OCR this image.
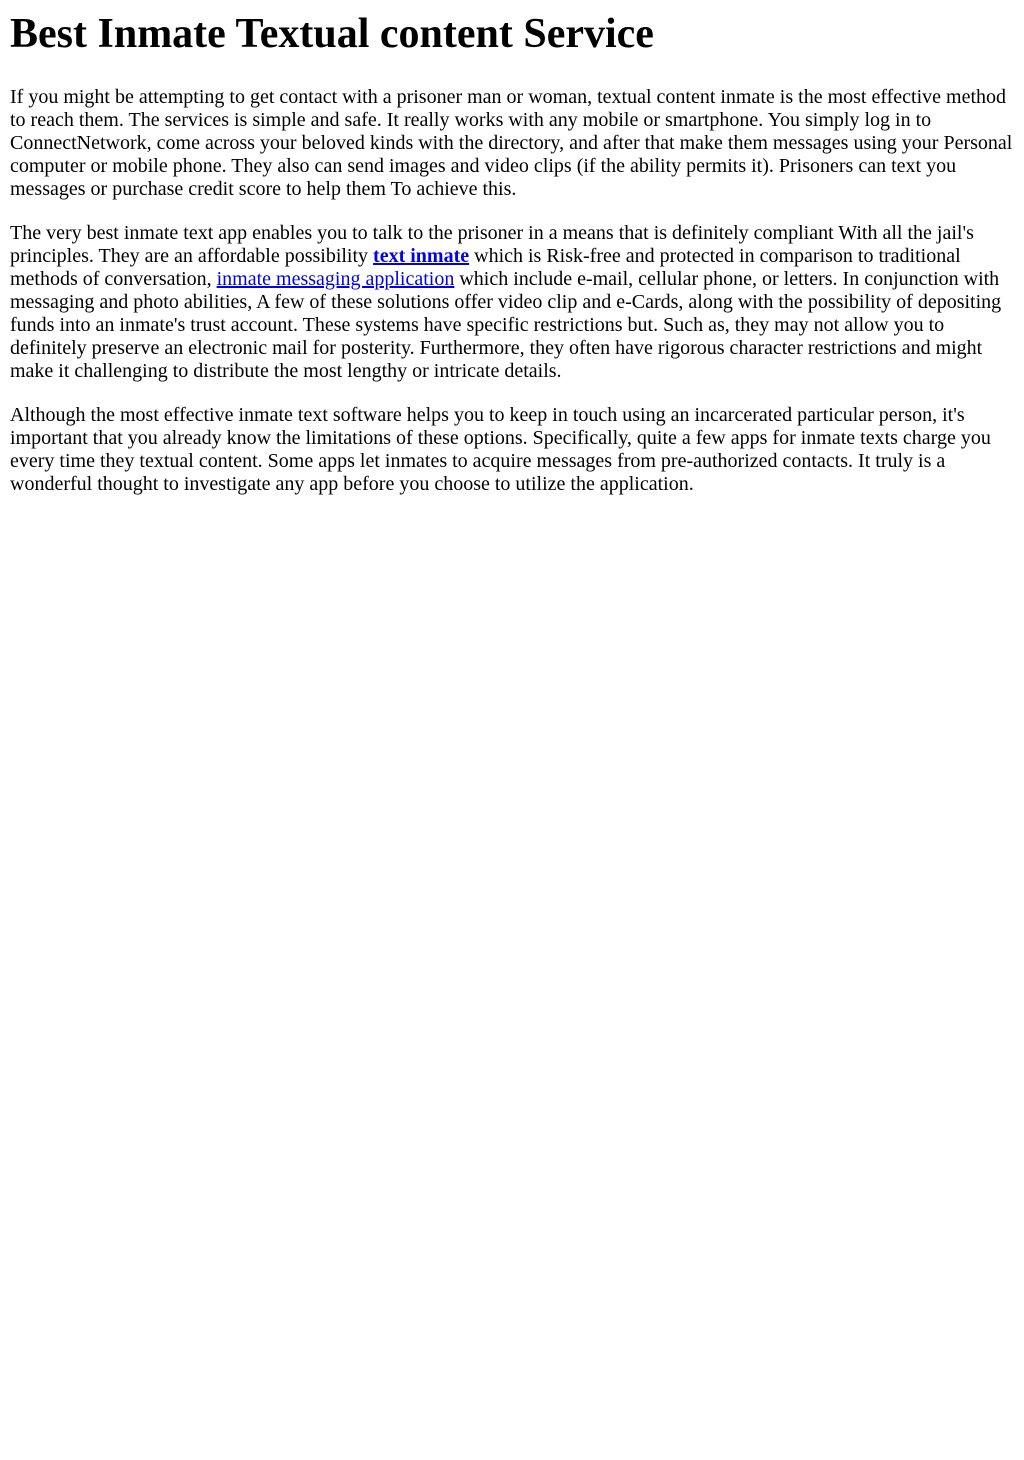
Best Inmate Textual content Service

If you might be attempting to get contact with a prisoner man or woman, textual content inmate is the most effective method to reach them. The services is simple and safe. It really works with any mobile or smartphone. You simply log in to ConnectNetwork, come across your beloved kinds with the directory, and after that make them messages using your Personal computer or mobile phone. They also can send images and video clips (if the ability permits it). Prisoners can text you messages or purchase credit score to help them To achieve this.

The very best inmate text app enables you to talk to the prisoner in a means that is definitely compliant With all the jail's principles. They are an affordable possibility text inmate which is Risk-free and protected in comparison to traditional methods of conversation, inmate messaging application which include e-mail, cellular phone, or letters. In conjunction with messaging and photo abilities, A few of these solutions offer video clip and e-Cards, along with the possibility of depositing funds into an inmate's trust account. These systems have specific restrictions but. Such as, they may not allow you to definitely preserve an electronic mail for posterity. Furthermore, they often have rigorous character restrictions and might make it challenging to distribute the most lengthy or intricate details.

Although the most effective inmate text software helps you to keep in touch using an incarcerated particular person, it's important that you already know the limitations of these options. Specifically, quite a few apps for inmate texts charge you every time they textual content. Some apps let inmates to acquire messages from pre-authorized contacts. It truly is a wonderful thought to investigate any app before you choose to utilize the application.
